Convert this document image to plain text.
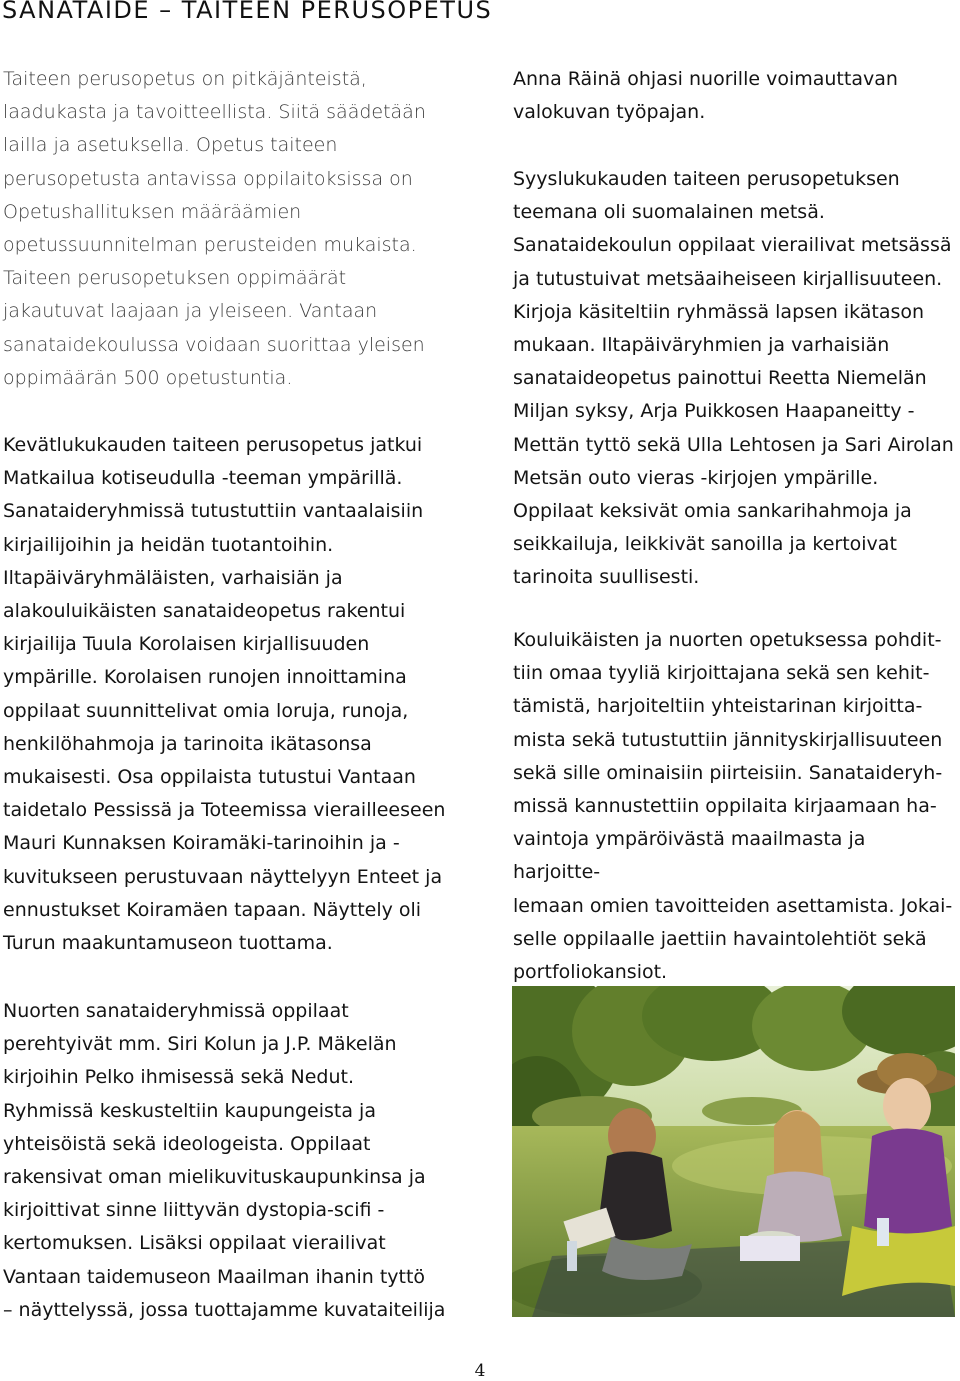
SANATAIDE – TAITEEN PERUSOPETUS

Taiteen perusopetus on pitkäjänteistä,
laadukasta ja tavoitteellista. Siitä säädetään
lailla ja asetuksella. Opetus taiteen
perusopetusta antavissa oppilaitoksissa on
Opetushallituksen määräämien
opetussuunnitelman perusteiden mukaista.
Taiteen perusopetuksen oppimäärät
jakautuvat laajaan ja yleiseen. Vantaan
sanataidekoulussa voidaan suorittaa yleisen
oppimäärän 500 opetustuntia.

Kevätlukukauden taiteen perusopetus jatkui
Matkailua kotiseudulla -teeman ympärillä.
Sanataideryhmissä tutustuttiin vantaalaisiin
kirjailijoihin ja heidän tuotantoihin.
Iltapäiväryhmäläisten, varhaisiän ja
alakouluikäisten sanataideopetus rakentui
kirjailija Tuula Korolaisen kirjallisuuden
ympärille. Korolaisen runojen innoittamina
oppilaat suunnittelivat omia loruja, runoja,
henkilöhahmoja ja tarinoita ikätasonsa
mukaisesti. Osa oppilaista tutustui Vantaan
taidetalo Pessissä ja Toteemissa vierailleeseen
Mauri Kunnaksen Koiramäki-tarinoihin ja -
kuvitukseen perustuvaan näyttelyyn Enteet ja
ennustukset Koiramäen tapaan. Näyttely oli
Turun maakuntamuseon tuottama.

Nuorten sanataideryhmissä oppilaat
perehtyivät mm. Siri Kolun ja J.P. Mäkelän
kirjoihin Pelko ihmisessä sekä Nedut.
Ryhmissä keskusteltiin kaupungeista ja
yhteisöistä sekä ideologeista. Oppilaat
rakensivat oman mielikuvituskaupunkinsa ja
kirjoittivat sinne liittyvän dystopia-scifi -
kertomuksen. Lisäksi oppilaat vierailivat
Vantaan taidemuseon Maailman ihanin tyttö
– näyttelyssä, jossa tuottajamme kuvataiteilija

Anna Räinä ohjasi nuorille voimauttavan
valokuvan työpajan.

Syyslukukauden taiteen perusopetuksen
teemana oli suomalainen metsä.
Sanataidekoulun oppilaat vierailivat metsässä
ja tutustuivat metsäaiheiseen kirjallisuuteen.
Kirjoja käsiteltiin ryhmässä lapsen ikätason
mukaan. Iltapäiväryhmien ja varhaisiän
sanataideopetus painottui Reetta Niemelän
Miljan syksy, Arja Puikkosen Haapaneitty -
Mettän tyttö sekä Ulla Lehtosen ja Sari Airolan
Metsän outo vieras -kirjojen ympärille.
Oppilaat keksivät omia sankarihahmoja ja
seikkailuja, leikkivät sanoilla ja kertoivat
tarinoita suullisesti.

Kouluikäisten ja nuorten opetuksessa pohdit-
tiin omaa tyyliä kirjoittajana sekä sen kehit-
tämistä, harjoiteltiin yhteistarinan kirjoitta-
mista sekä tutustuttiin jännityskirjallisuuteen
sekä sille ominaisiin piirteisiin. Sanataideryh-
missä kannustettiin oppilaita kirjaamaan ha-
vaintoja ympäröivästä maailmasta ja harjoitte-
lemaan omien tavoitteiden asettamista. Jokai-
selle oppilaalle jaettiin havaintolehtiöt sekä
portfoliokansiot.

4
